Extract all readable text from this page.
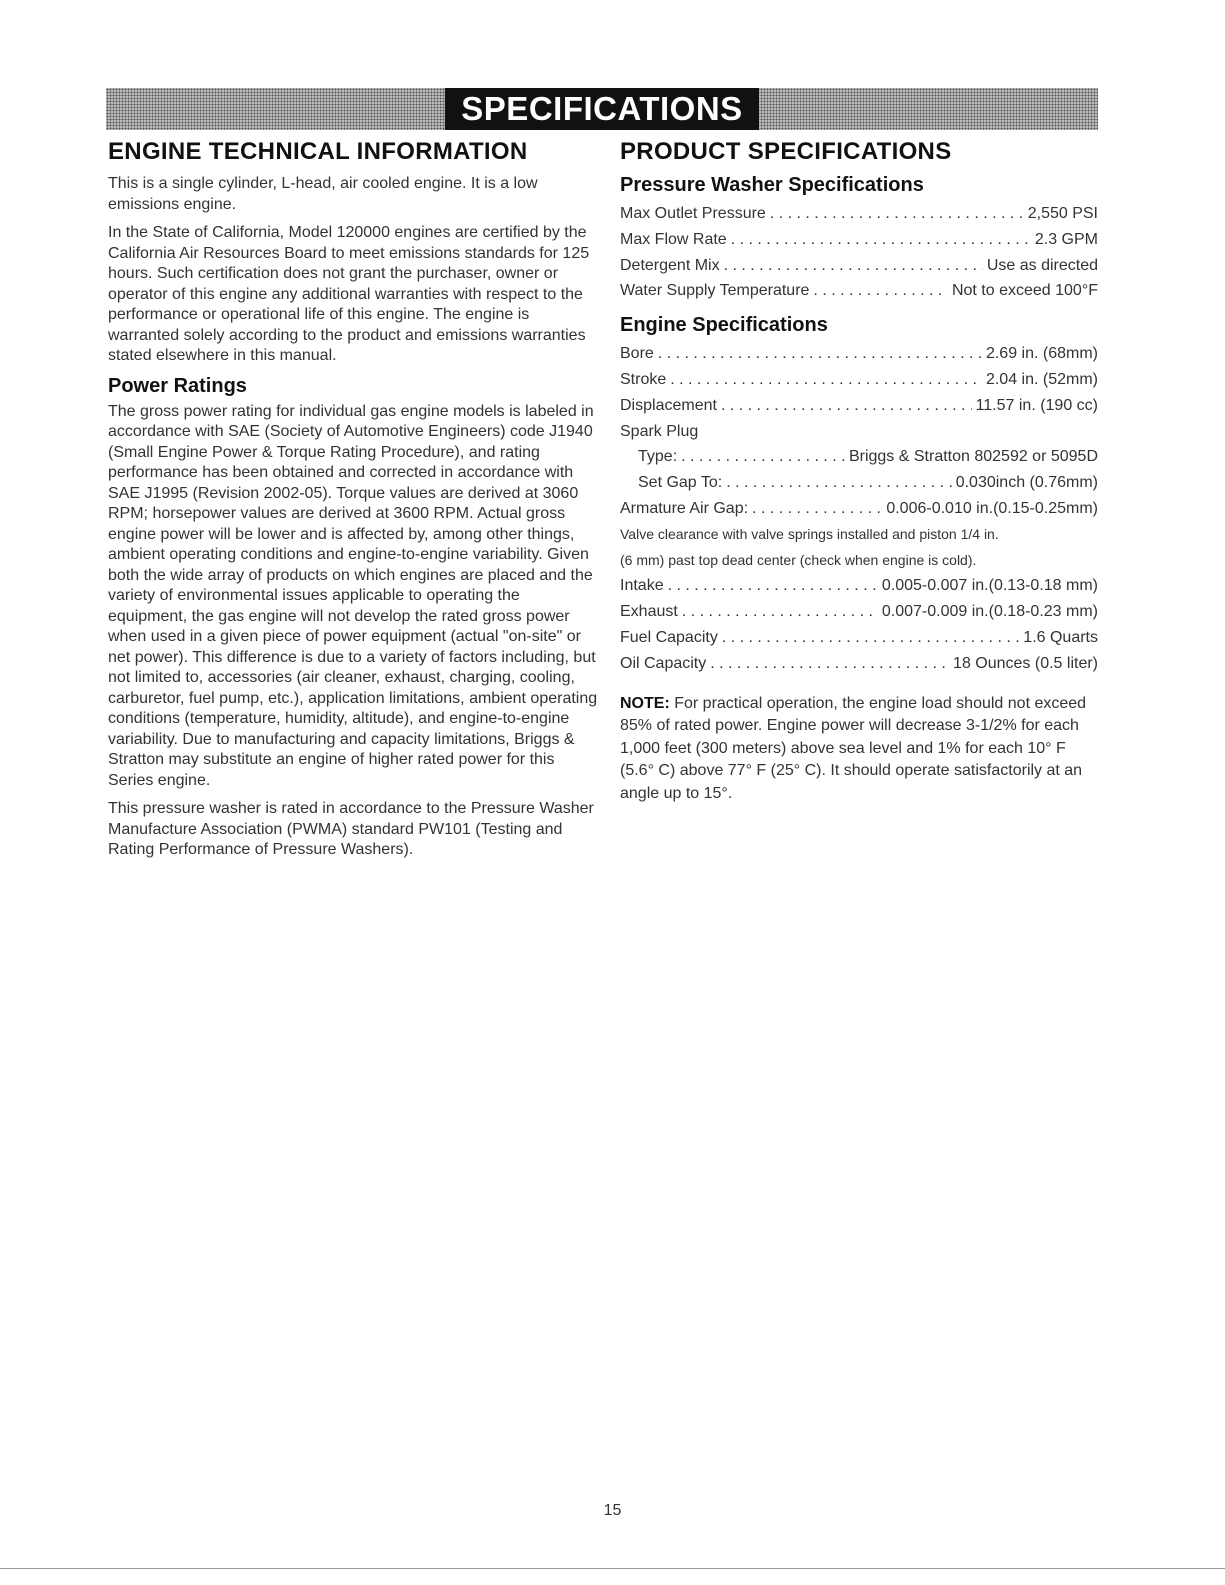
SPECIFICATIONS
ENGINE TECHNICAL INFORMATION

This is a single cylinder, L-head, air cooled engine. It is a low emissions engine.

In the State of California, Model 120000 engines are certified by the California Air Resources Board to meet emissions standards for 125 hours. Such certification does not grant the purchaser, owner or operator of this engine any additional warranties with respect to the performance or operational life of this engine. The engine is warranted solely according to the product and emissions warranties stated elsewhere in this manual.

Power Ratings

The gross power rating for individual gas engine models is labeled in accordance with SAE (Society of Automotive Engineers) code J1940 (Small Engine Power & Torque Rating Procedure), and rating performance has been obtained and corrected in accordance with SAE J1995 (Revision 2002-05). Torque values are derived at 3060 RPM; horsepower values are derived at 3600 RPM. Actual gross engine power will be lower and is affected by, among other things, ambient operating conditions and engine-to-engine variability. Given both the wide array of products on which engines are placed and the variety of environmental issues applicable to operating the equipment, the gas engine will not develop the rated gross power when used in a given piece of power equipment (actual "on-site" or net power). This difference is due to a variety of factors including, but not limited to, accessories (air cleaner, exhaust, charging, cooling, carburetor, fuel pump, etc.), application limitations, ambient operating conditions (temperature, humidity, altitude), and engine-to-engine variability. Due to manufacturing and capacity limitations, Briggs & Stratton may substitute an engine of higher rated power for this Series engine.

This pressure washer is rated in accordance to the Pressure Washer Manufacture Association (PWMA) standard PW101 (Testing and Rating Performance of Pressure Washers).

PRODUCT SPECIFICATIONS
Pressure Washer Specifications
Max Outlet Pressure . . .	2,550 PSI
Max Flow Rate . . .	2.3 GPM
Detergent Mix . . .	Use as directed
Water Supply Temperature . . .	Not to exceed 100°F
Engine Specifications
Bore . . .	2.69 in. (68mm)
Stroke . . .	2.04 in. (52mm)
Displacement . . .	11.57 in. (190 cc)
Spark Plug
Type: . . .	Briggs & Stratton 802592 or 5095D
Set Gap To: . . .	0.030inch (0.76mm)
Armature Air Gap: . . .	0.006-0.010 in.(0.15-0.25mm)
Valve clearance with valve springs installed and piston 1/4 in.
(6 mm) past top dead center (check when engine is cold).
Intake . . .	0.005-0.007 in.(0.13-0.18 mm)
Exhaust . . .	0.007-0.009 in.(0.18-0.23 mm)
Fuel Capacity . . .	1.6 Quarts
Oil Capacity . . .	18 Ounces (0.5 liter)

NOTE: For practical operation, the engine load should not exceed 85% of rated power. Engine power will decrease 3-1/2% for each 1,000 feet (300 meters) above sea level and 1% for each 10° F (5.6° C) above 77° F (25° C). It should operate satisfactorily at an angle up to 15°.

15
